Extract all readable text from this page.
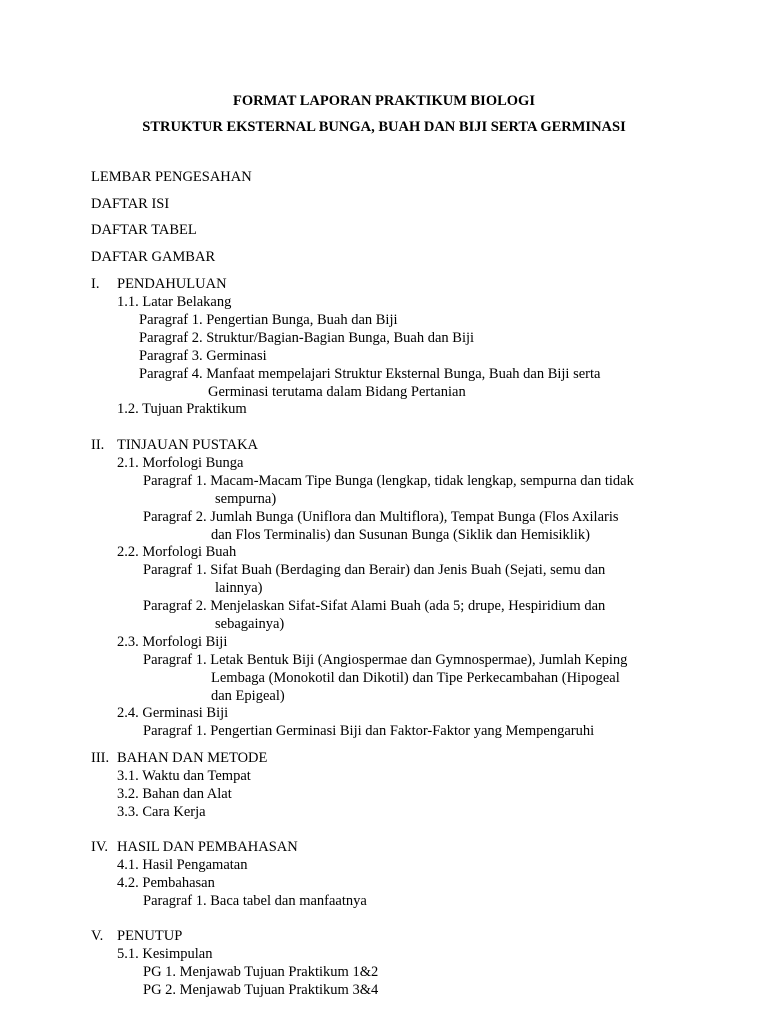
FORMAT LAPORAN PRAKTIKUM BIOLOGI
STRUKTUR EKSTERNAL BUNGA, BUAH DAN BIJI SERTA GERMINASI
LEMBAR PENGESAHAN
DAFTAR ISI
DAFTAR TABEL
DAFTAR GAMBAR
I. PENDAHULUAN
1.1. Latar Belakang
Paragraf 1. Pengertian Bunga, Buah dan Biji
Paragraf 2. Struktur/Bagian-Bagian Bunga, Buah dan Biji
Paragraf 3. Germinasi
Paragraf 4. Manfaat mempelajari Struktur Eksternal Bunga, Buah dan Biji serta
Germinasi terutama dalam Bidang Pertanian
1.2. Tujuan Praktikum
II. TINJAUAN PUSTAKA
2.1. Morfologi Bunga
Paragraf 1. Macam-Macam Tipe Bunga (lengkap, tidak lengkap, sempurna dan tidak
sempurna)
Paragraf 2. Jumlah Bunga (Uniflora dan Multiflora), Tempat Bunga (Flos Axilaris
dan Flos Terminalis) dan Susunan Bunga (Siklik dan Hemisiklik)
2.2. Morfologi Buah
Paragraf 1. Sifat Buah (Berdaging dan Berair) dan Jenis Buah (Sejati, semu dan
lainnya)
Paragraf 2. Menjelaskan Sifat-Sifat Alami Buah (ada 5; drupe, Hespiridium dan
sebagainya)
2.3. Morfologi Biji
Paragraf 1. Letak Bentuk Biji (Angiospermae dan Gymnospermae), Jumlah Keping
Lembaga (Monokotil dan Dikotil) dan Tipe Perkecambahan (Hipogeal
dan Epigeal)
2.4. Germinasi Biji
Paragraf 1. Pengertian Germinasi Biji dan Faktor-Faktor yang Mempengaruhi
III. BAHAN DAN METODE
3.1. Waktu dan Tempat
3.2. Bahan dan Alat
3.3. Cara Kerja
IV. HASIL DAN PEMBAHASAN
4.1. Hasil Pengamatan
4.2. Pembahasan
Paragraf 1. Baca tabel dan manfaatnya
V. PENUTUP
5.1. Kesimpulan
PG 1. Menjawab Tujuan Praktikum 1&2
PG 2. Menjawab Tujuan Praktikum 3&4
